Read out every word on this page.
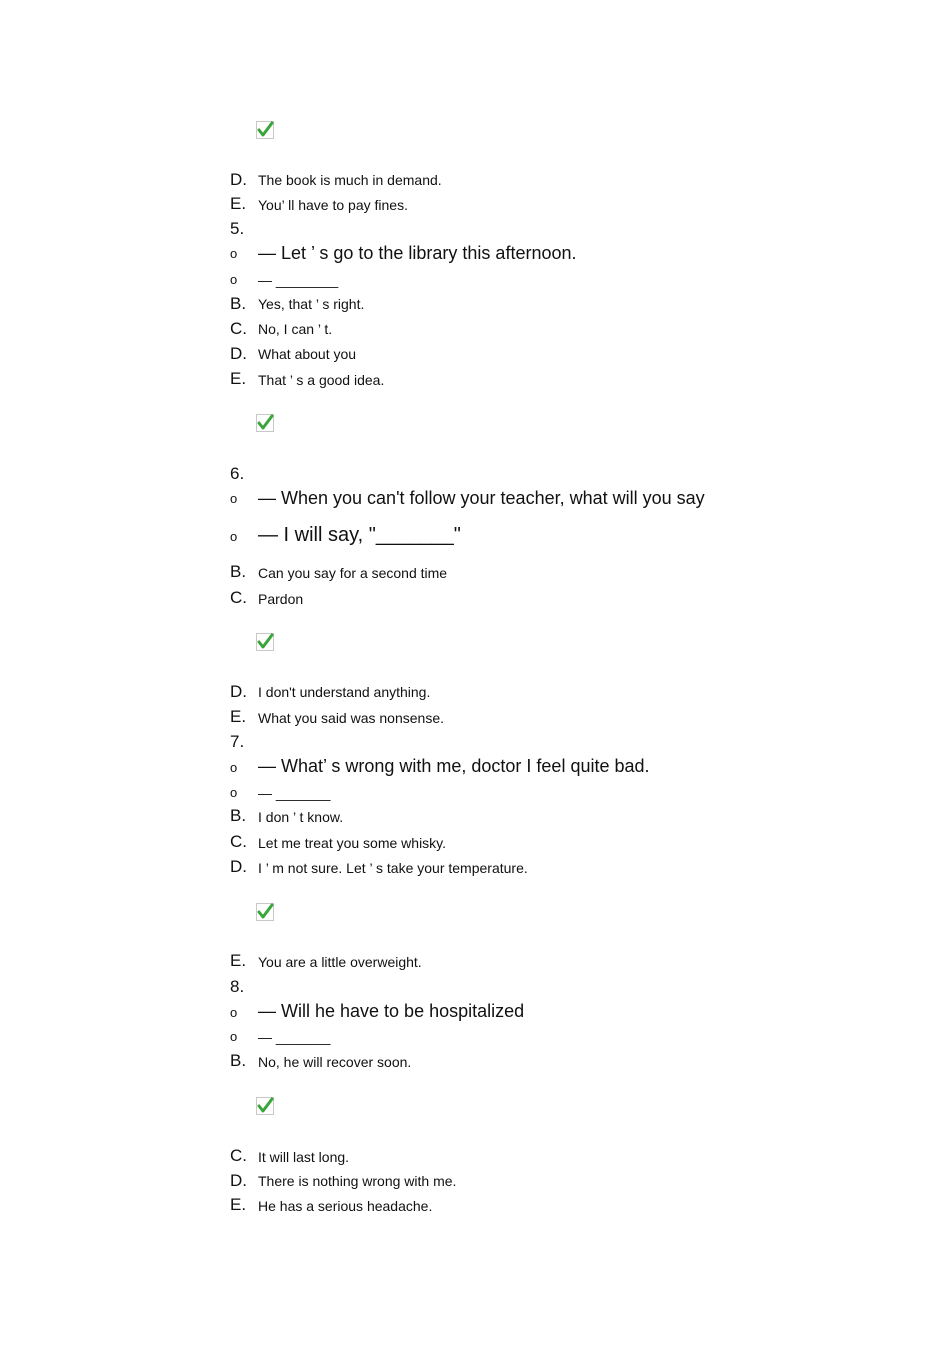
D. The book is much in demand.
E. You’ ll have to pay fines.
5.
o — Let ’ s go to the library this afternoon.
o — ________
B. Yes, that ’ s right.
C. No, I can ’ t.
D. What about you
E. That ’ s a good idea.
6.
o — When you can't follow your teacher, what will you say
o — I will say, "_______"
B. Can you say for a second time
C. Pardon
D. I don't understand anything.
E. What you said was nonsense.
7.
o — What’ s wrong with me, doctor I feel quite bad.
o — _______
B. I don ’ t know.
C. Let me treat you some whisky.
D. I ’ m not sure. Let ’ s take your temperature.
E. You are a little overweight.
8.
o — Will he have to be hospitalized
o — _______
B. No, he will recover soon.
C. It will last long.
D. There is nothing wrong with me.
E. He has a serious headache.
